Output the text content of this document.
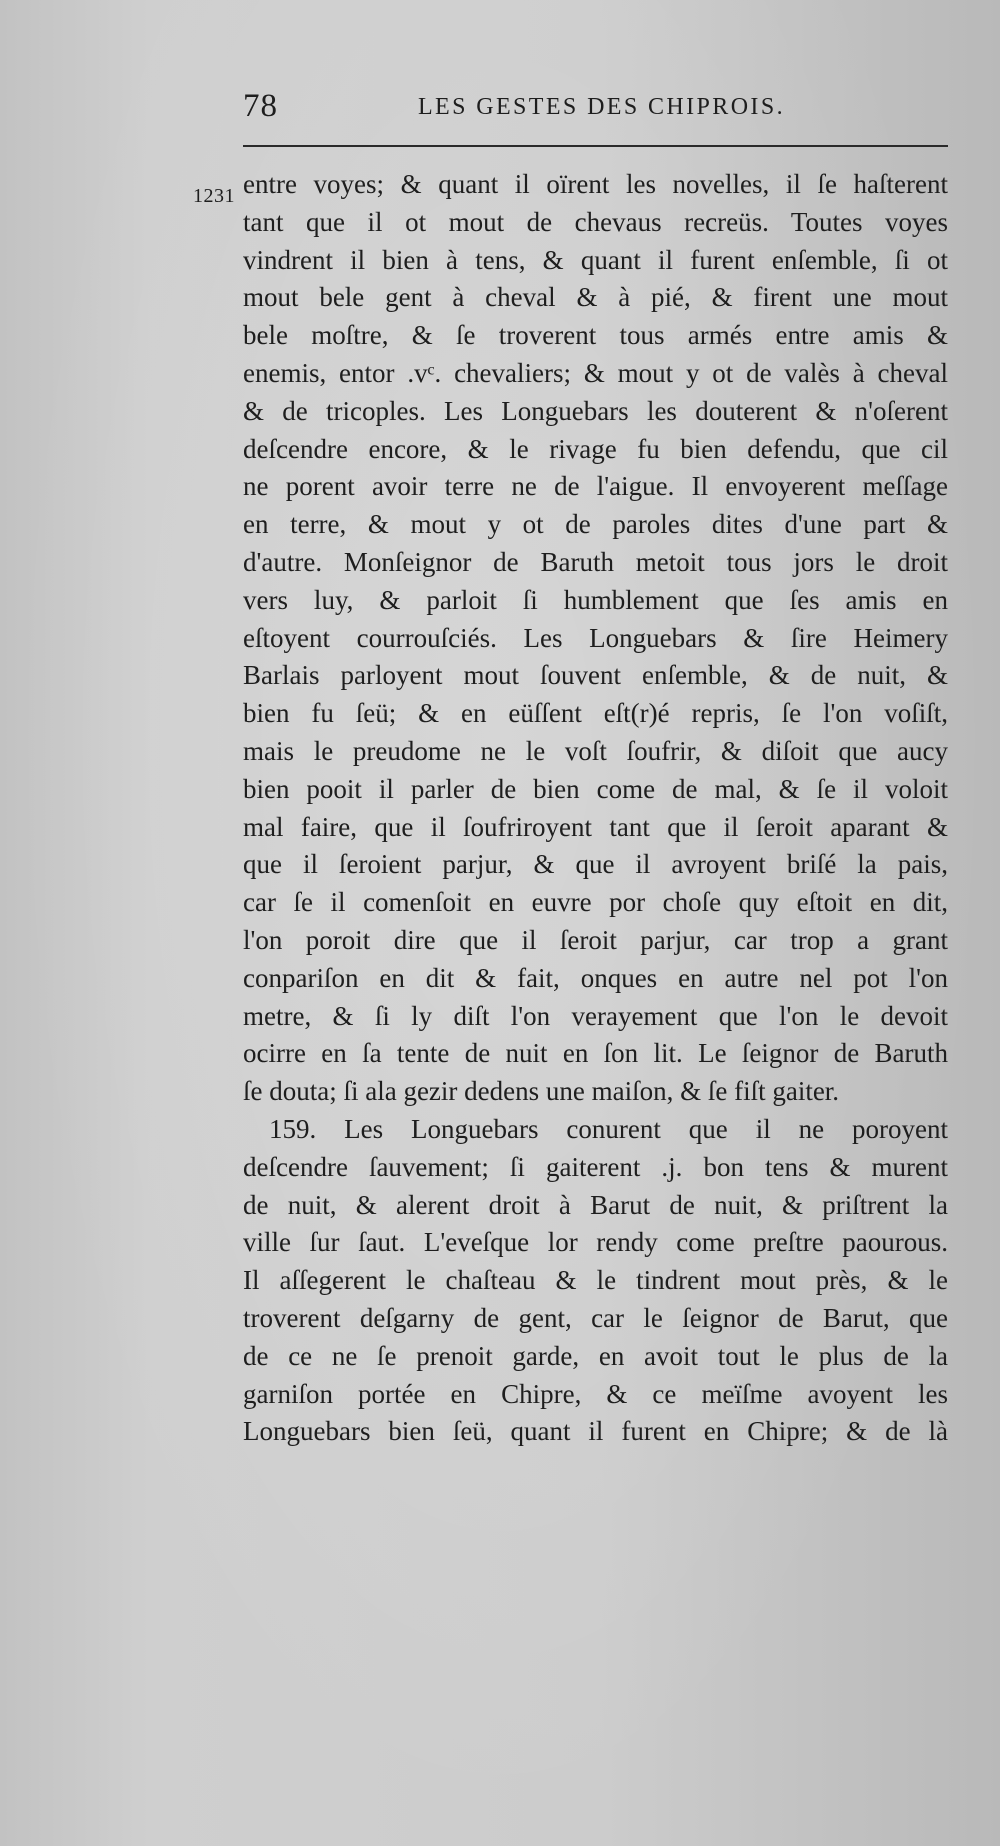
78	LES GESTES DES CHIPROIS.
1231 entre voyes; & quant il oïrent les novelles, il ſe haſterent
tant que il ot mout de chevaus recreüs. Toutes voyes
vindrent il bien à tens, & quant il furent enſemble, ſi ot
mout bele gent à cheval & à pié, & firent une mout
bele moſtre, & ſe troverent tous armés entre amis &
enemis, entor .vᶜ. chevaliers; & mout y ot de valès à cheval
& de tricoples. Les Longuebars les douterent & n'oſerent
deſcendre encore, & le rivage fu bien defendu, que cil
ne porent avoir terre ne de l'aigue. Il envoyerent meſſage
en terre, & mout y ot de paroles dites d'une part &
d'autre. Monſeignor de Baruth metoit tous jors le droit
vers luy, & parloit ſi humblement que ſes amis en
eſtoyent courrouſciés. Les Longuebars & ſire Heimery
Barlais parloyent mout ſouvent enſemble, & de nuit, &
bien fu ſeü; & en eüſſent eſt(r)é repris, ſe l'on voſiſt,
mais le preudome ne le voſt ſoufrir, & diſoit que aucy
bien pooit il parler de bien come de mal, & ſe il voloit
mal faire, que il ſoufriroyent tant que il ſeroit aparant &
que il ſeroient parjur, & que il avroyent briſé la pais,
car ſe il comenſoit en euvre por choſe quy eſtoit en dit,
l'on poroit dire que il ſeroit parjur, car trop a grant
conpariſon en dit & fait, onques en autre nel pot l'on
metre, & ſi ly diſt l'on verayement que l'on le devoit
ocirre en ſa tente de nuit en ſon lit. Le ſeignor de Baruth
ſe douta; ſi ala gezir dedens une maiſon, & ſe fiſt gaiter.
159. Les Longuebars conurent que il ne poroyent
deſcendre ſauvement; ſi gaiterent .j. bon tens & murent
de nuit, & alerent droit à Barut de nuit, & priſtrent la
ville ſur ſaut. L'eveſque lor rendy come preſtre paourous.
Il aſſegerent le chaſteau & le tindrent mout près, & le
troverent deſgarny de gent, car le ſeignor de Barut, que
de ce ne ſe prenoit garde, en avoit tout le plus de la
garniſon portée en Chipre, & ce meïſme avoyent les
Longuebars bien ſeü, quant il furent en Chipre; & de là
